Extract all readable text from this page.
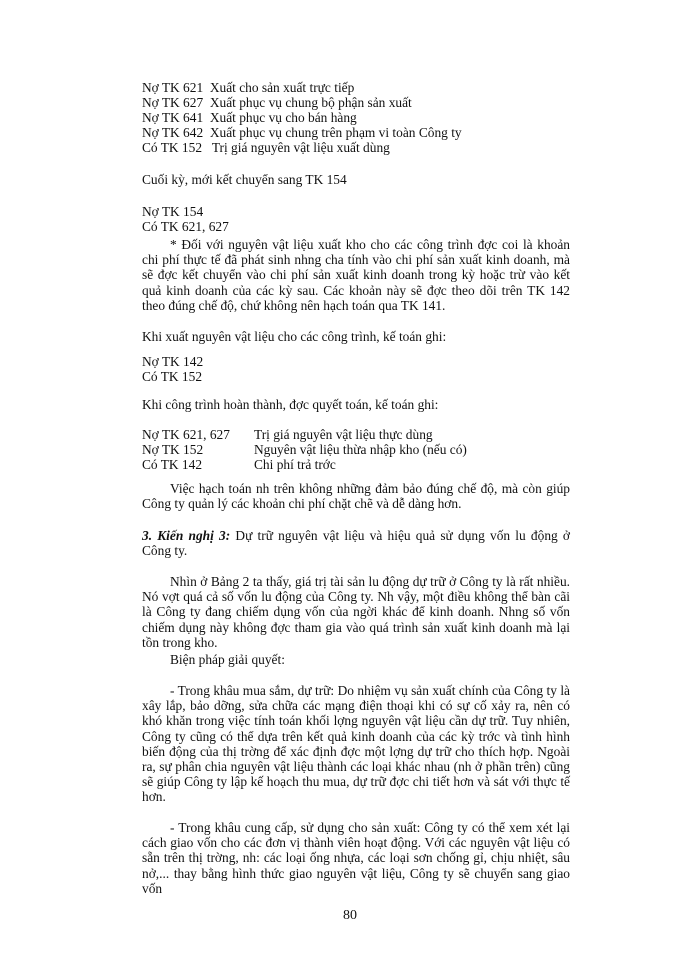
Nợ TK 621  Xuất cho sản xuất trực tiếp
Nợ TK 627  Xuất phục vụ chung bộ phận sản xuất
Nợ TK 641  Xuất phục vụ cho bán hàng
Nợ TK 642  Xuất phục vụ chung trên phạm vi toàn Công ty
Có TK 152   Trị giá nguyên vật liệu xuất dùng
Cuối kỳ, mới kết chuyển sang TK 154
Nợ TK 154
Có TK 621, 627
* Đối với nguyên vật liệu xuất kho cho các công trình đợc coi là khoản chi phí thực tế đã phát sinh nhng cha tính vào chi phí sản xuất kinh doanh, mà sẽ đợc kết chuyển vào chi phí sản xuất kinh doanh trong kỳ hoặc trừ vào kết quả kinh doanh của các kỳ sau. Các khoản này sẽ đợc theo dõi trên TK 142 theo đúng chế độ, chứ không nên hạch toán qua TK 141.
Khi xuất nguyên vật liệu cho các công trình, kế toán ghi:
Nợ TK 142
Có TK 152
Khi công trình hoàn thành, đợc quyết toán, kế toán ghi:
Nợ TK 621, 627	Trị giá nguyên vật liệu thực dùng
Nợ TK 152	Nguyên vật liệu thừa nhập kho (nếu có)
Có TK 142	Chi phí trả trớc
Việc hạch toán nh trên không những đảm bảo đúng chế độ, mà còn giúp Công ty quản lý các khoản chi phí chặt chẽ và dễ dàng hơn.
3. Kiến nghị 3: Dự trữ nguyên vật liệu và hiệu quả sử dụng vốn lu động ở Công ty.
Nhìn ở Bảng 2 ta thấy, giá trị tài sản lu động dự trữ ở Công ty là rất nhiều. Nó vợt quá cả số vốn lu động của Công ty. Nh vậy, một điều không thể bàn cãi là Công ty đang chiếm dụng vốn của ngời khác để kinh doanh. Nhng số vốn chiếm dụng này không đợc tham gia vào quá trình sản xuất kinh doanh mà lại tồn trong kho.
Biện pháp giải quyết:
- Trong khâu mua sắm, dự trữ: Do nhiệm vụ sản xuất chính của Công ty là xây lắp, bảo dỡng, sửa chữa các mạng điện thoại khi có sự cố xảy ra, nên có khó khăn trong việc tính toán khối lợng nguyên vật liệu cần dự trữ. Tuy nhiên, Công ty cũng có thể dựa trên kết quả kinh doanh của các kỳ trớc và tình hình biến động của thị trờng để xác định đợc một lợng dự trữ cho thích hợp. Ngoài ra, sự phân chia nguyên vật liệu thành các loại khác nhau (nh ở phần trên) cũng sẽ giúp Công ty lập kế hoạch thu mua, dự trữ đợc chi tiết hơn và sát với thực tế hơn.
- Trong khâu cung cấp, sử dụng cho sản xuất: Công ty có thể xem xét lại cách giao vốn cho các đơn vị thành viên hoạt động. Với các nguyên vật liệu có sẵn trên thị trờng, nh: các loại ống nhựa, các loại sơn chống gỉ, chịu nhiệt, sâu nở,... thay bằng hình thức giao nguyên vật liệu, Công ty sẽ chuyển sang giao vốn
80
